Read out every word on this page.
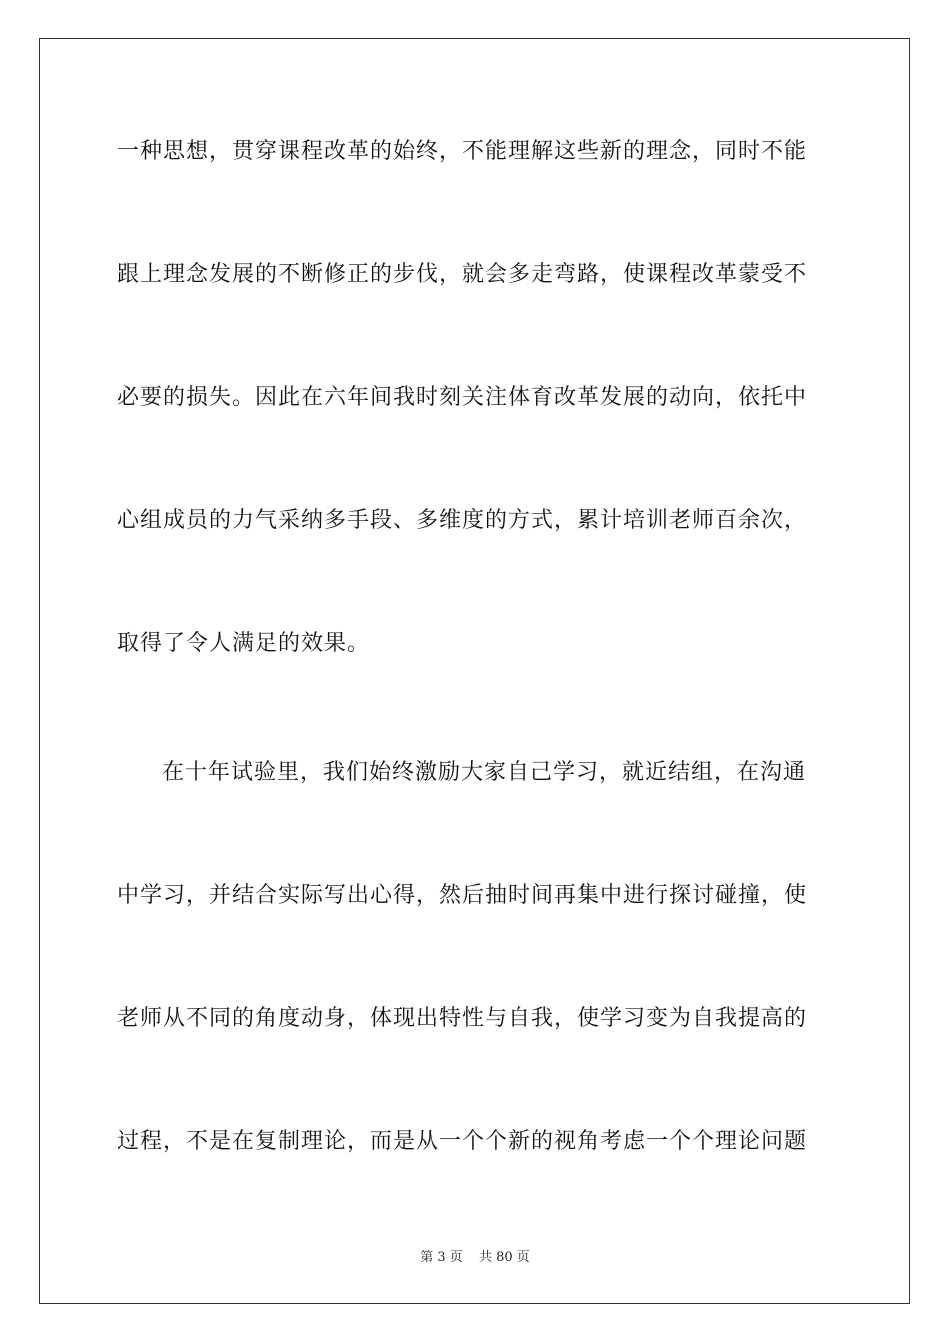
一种思想，贯穿课程改革的始终，不能理解这些新的理念，同时不能
跟上理念发展的不断修正的步伐，就会多走弯路，使课程改革蒙受不
必要的损失。因此在六年间我时刻关注体育改革发展的动向，依托中
心组成员的力气采纳多手段、多维度的方式，累计培训老师百余次，
取得了令人满足的效果。
在十年试验里，我们始终激励大家自己学习，就近结组，在沟通
中学习，并结合实际写出心得，然后抽时间再集中进行探讨碰撞，使
老师从不同的角度动身，体现出特性与自我，使学习变为自我提高的
过程，不是在复制理论，而是从一个个新的视角考虑一个个理论问题
第 3 页 共 80 页
